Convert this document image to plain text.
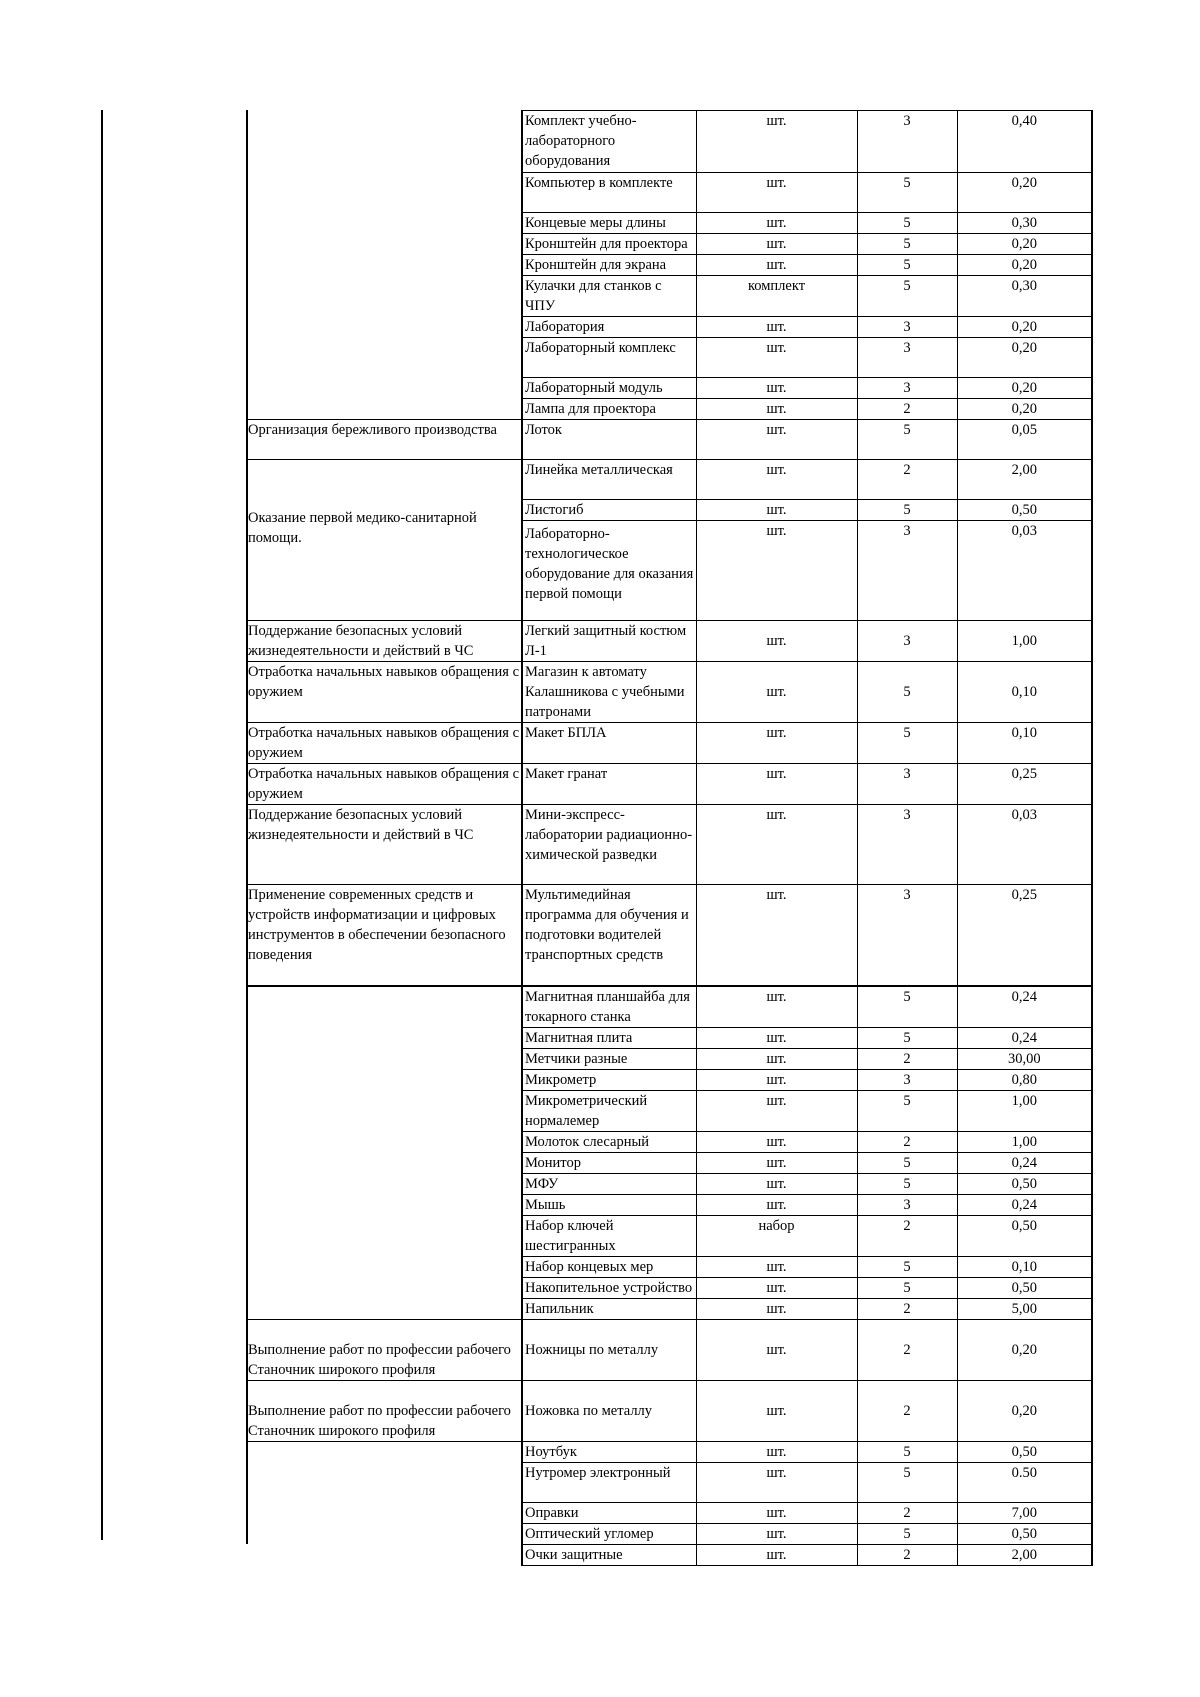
	Комплект учебно-лабораторного оборудования	шт.	3	0,40
	Компьютер в комплекте	шт.	5	0,20
	Концевые меры длины	шт.	5	0,30
	Кронштейн для проектора	шт.	5	0,20
	Кронштейн для экрана	шт.	5	0,20
	Кулачки для станков с ЧПУ	комплект	5	0,30
	Лаборатория	шт.	3	0,20
	Лабораторный комплекс	шт.	3	0,20
	Лабораторный модуль	шт.	3	0,20
	Лампа для проектора	шт.	2	0,20
Организация бережливого производства	Лоток	шт.	5	0,05
	Линейка металлическая	шт.	2	2,00

Оказание первой медико-санитарной помощи.	Листогиб	шт.	5	0,50

	Лабораторно-технологическое оборудование для оказания первой помощи	шт.	3	0,03
Поддержание безопасных условий жизнедеятельности и действий в ЧС	Легкий защитный костюм Л-1	шт.	3	1,00
Отработка начальных навыков обращения с оружием	Магазин к автомату Калашникова с учебными патронами	шт.	5	0,10
Отработка начальных навыков обращения с оружием	Макет БПЛА	шт.	5	0,10
Отработка начальных навыков обращения с оружием	Макет гранат	шт.	3	0,25
Поддержание безопасных условий жизнедеятельности и действий в ЧС	Мини-экспресс-лаборатории радиационно-химической разведки	шт.	3	0,03
Применение современных средств и устройств информатизации и цифровых инструментов в обеспечении безопасного поведения	Мультимедийная программа для обучения и подготовки водителей транспортных средств	шт.	3	0,25
	Магнитная планшайба для токарного станка	шт.	5	0,24
	Магнитная плита	шт.	5	0,24
	Метчики разные	шт.	2	30,00
	Микрометр	шт.	3	0,80
	Микрометрический нормалемер	шт.	5	1,00
	Молоток слесарный	шт.	2	1,00
	Монитор	шт.	5	0,24
	МФУ	шт.	5	0,50
	Мышь	шт.	3	0,24
	Набор ключей шестигранных	набор	2	0,50
	Набор концевых мер	шт.	5	0,10
	Накопительное устройство	шт.	5	0,50
	Напильник	шт.	2	5,00
Выполнение работ по профессии рабочего Станочник широкого профиля	Ножницы по металлу	шт.	2	0,20
Выполнение работ по профессии рабочего Станочник широкого профиля	Ножовка по металлу	шт.	2	0,20
	Ноутбук	шт.	5	0,50
	Нутромер электронный	шт.	5	0.50
	Оправки	шт.	2	7,00
	Оптический угломер	шт.	5	0,50
	Очки защитные	шт.	2	2,00
